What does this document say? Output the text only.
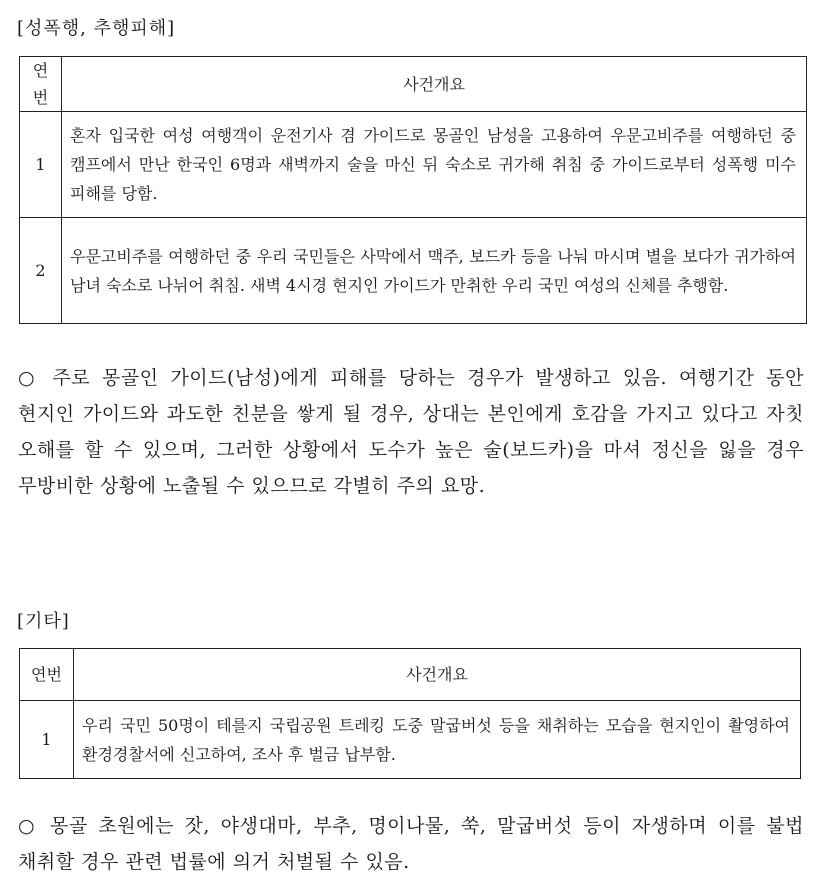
[성폭행, 추행피해]
연
번	사건개요
1	혼자 입국한 여성 여행객이 운전기사 겸 가이드로 몽골인 남성을 고용하여 우문고비주를 여행하던 중 캠프에서 만난 한국인 6명과 새벽까지 술을 마신 뒤 숙소로 귀가해 취침 중 가이드로부터 성폭행 미수 피해를 당함.
2	우문고비주를 여행하던 중 우리 국민들은 사막에서 맥주, 보드카 등을 나눠 마시며 별을 보다가 귀가하여 남녀 숙소로 나뉘어 취침. 새벽 4시경 현지인 가이드가 만취한 우리 국민 여성의 신체를 추행함.

○ 주로 몽골인 가이드(남성)에게 피해를 당하는 경우가 발생하고 있음. 여행기간 동안 현지인 가이드와 과도한 친분을 쌓게 될 경우, 상대는 본인에게 호감을 가지고 있다고 자칫 오해를 할 수 있으며, 그러한 상황에서 도수가 높은 술(보드카)을 마셔 정신을 잃을 경우 무방비한 상황에 노출될 수 있으므로 각별히 주의 요망.

[기타]
연번	사건개요
1	우리 국민 50명이 테를지 국립공원 트레킹 도중 말굽버섯 등을 채취하는 모습을 현지인이 촬영하여 환경경찰서에 신고하여, 조사 후 벌금 납부함.

○ 몽골 초원에는 잣, 야생대마, 부추, 명이나물, 쑥, 말굽버섯 등이 자생하며 이를 불법 채취할 경우 관련 법률에 의거 처벌될 수 있음.
